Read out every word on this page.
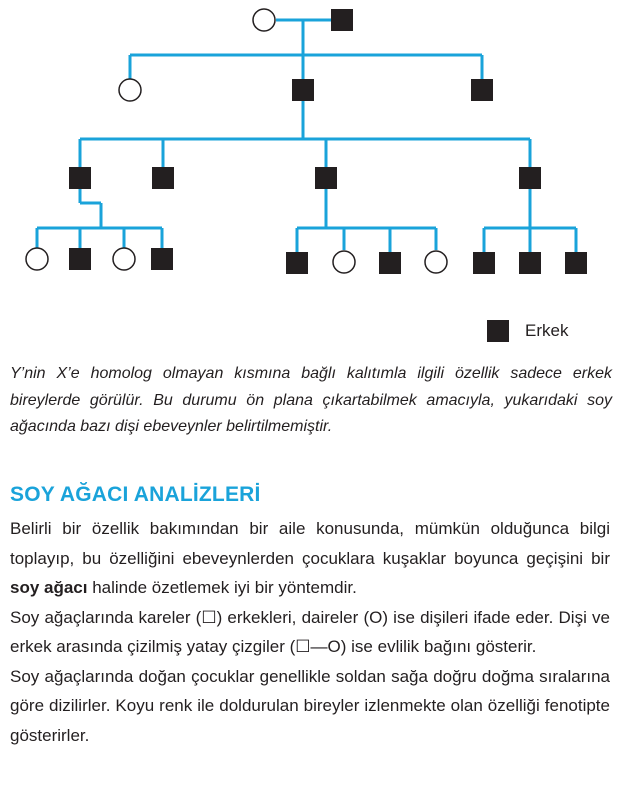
Erkek
Y’nin X’e homolog olmayan kısmına bağlı kalıtımla ilgili özellik sadece erkek bireylerde görülür. Bu durumu ön plana çıkartabilmek amacıyla, yukarıdaki soy ağacında bazı dişi ebeveynler belirtilmemiştir.
SOY AĞACI ANALİZLERİ

Belirli bir özellik bakımından bir aile konusunda, mümkün olduğunca bilgi toplayıp, bu özelliğini ebeveynlerden çocuklara kuşaklar boyunca geçişini bir soy ağacı halinde özetlemek iyi bir yöntemdir.

Soy ağaçlarında kareler (☐) erkekleri, daireler (O) ise dişileri ifade eder. Dişi ve erkek arasında çizilmiş yatay çizgiler (☐—O) ise evlilik bağını gösterir.

Soy ağaçlarında doğan çocuklar genellikle soldan sağa doğru doğma sıralarına göre dizilirler. Koyu renk ile doldurulan bireyler izlenmekte olan özelliği fenotipte gösterirler.
